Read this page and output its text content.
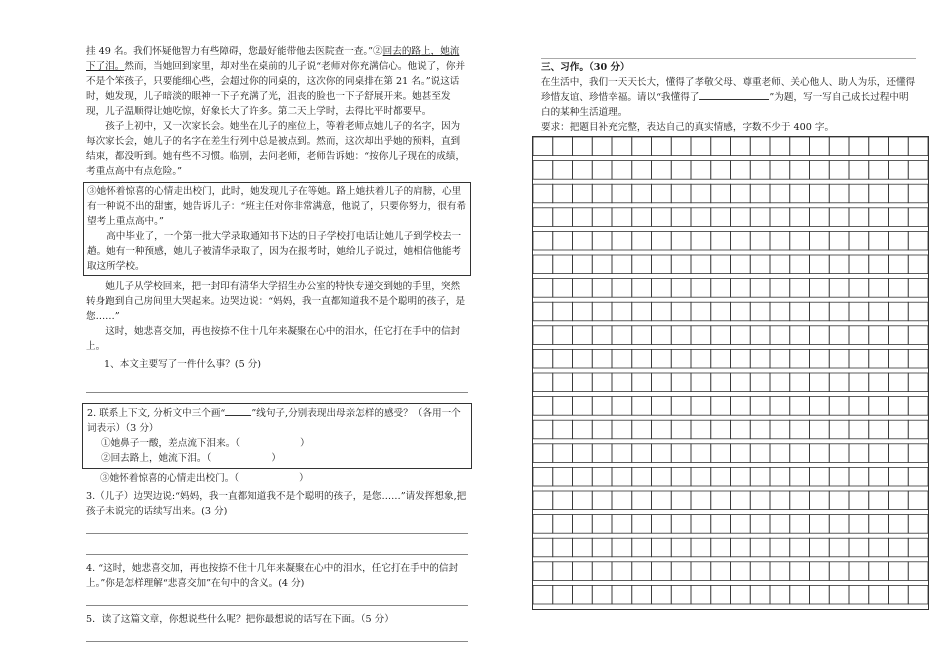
挂 49 名。我们怀疑他智力有些障碍，您最好能带他去医院查一查。”②回去的路上，她流下了泪。然而，当她回到家里，却对坐在桌前的儿子说“老师对你充满信心。他说了，你并不是个笨孩子，只要能细心些，会超过你的同桌的，这次你的同桌排在第 21 名。”说这话时，她发现，儿子暗淡的眼神一下子充满了光，沮丧的脸也一下子舒展开来。她甚至发现，儿子温顺得让她吃惊，好象长大了许多。第二天上学时，去得比平时都要早。

孩子上初中，又一次家长会。她坐在儿子的座位上，等着老师点她儿子的名字，因为每次家长会，她儿子的名字在差生行列中总是被点到。然而，这次却出乎她的预料，直到结束，都没听到。她有些不习惯。临别，去问老师，老师告诉她：“按你儿子现在的成绩，考重点高中有点危险。”

③她怀着惊喜的心情走出校门，此时，她发现儿子在等她。路上她扶着儿子的肩膀，心里有一种说不出的甜蜜，她告诉儿子：“班主任对你非常满意，他说了，只要你努力，很有希望考上重点高中。”

高中毕业了，一个第一批大学录取通知书下达的日子学校打电话让她儿子到学校去一趟。她有一种预感，她儿子被清华录取了，因为在报考时，她给儿子说过，她相信他能考取这所学校。

她儿子从学校回来，把一封印有清华大学招生办公室的特快专递交到她的手里，突然转身跑到自己房间里大哭起来。边哭边说：“妈妈，我一直都知道我不是个聪明的孩子，是您……”

这时，她悲喜交加，再也按捺不住十几年来凝聚在心中的泪水，任它打在手中的信封上。

1、本文主要写了一件什么事？(5 分)

2. 联系上下文, 分析文中三个画“	”线句子,分别表现出母亲怎样的感受？（各用一个词表示）（3 分）

①她鼻子一酸，差点流下泪来。（	）

②回去路上，她流下泪。（	）

③她怀着惊喜的心情走出校门。（	）

3.（儿子）边哭边说:“妈妈，我一直都知道我不是个聪明的孩子，是您……”请发挥想象,把孩子未说完的话续写出来。(3 分)

4. “这时，她悲喜交加，再也按捺不住十几年来凝聚在心中的泪水，任它打在手中的信封上。”你是怎样理解“悲喜交加”在句中的含义。(4 分)

5．读了这篇文章，你想说些什么呢？把你最想说的话写在下面。（5 分）

三、习作。（30 分）

在生活中，我们一天天长大，懂得了孝敬父母、尊重老师、关心他人、助人为乐，还懂得珍惜友谊、珍惜幸福。请以“我懂得了	”为题，写一写自己成长过程中明白的某种生活道理。

要求：把题目补充完整，表达自己的真实情感，字数不少于 400 字。
